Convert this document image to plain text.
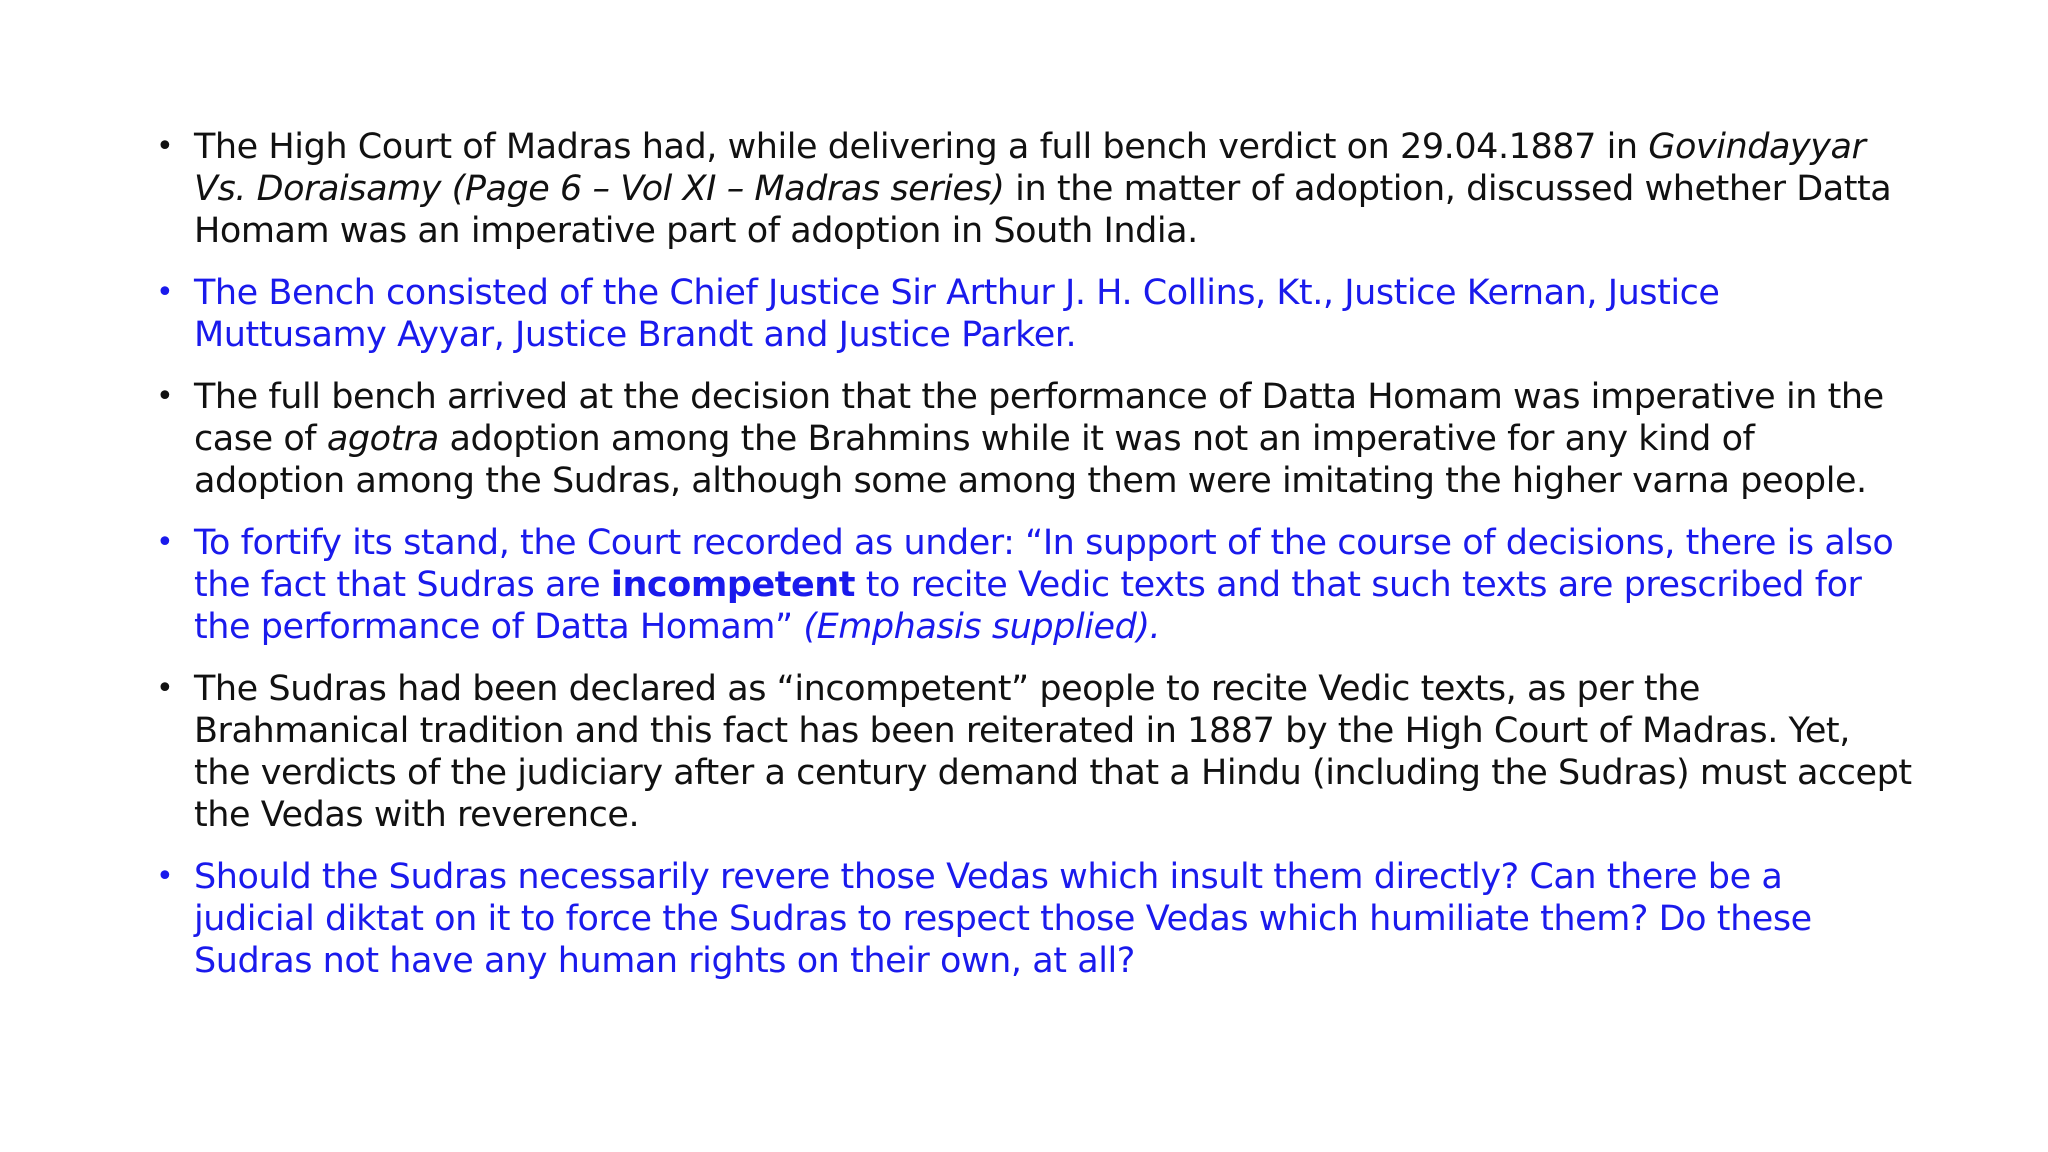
• The High Court of Madras had, while delivering a full bench verdict on 29.04.1887 in Govindayyar Vs. Doraisamy (Page 6 – Vol XI – Madras series) in the matter of adoption, discussed whether Datta Homam was an imperative part of adoption in South India.
• The Bench consisted of the Chief Justice Sir Arthur J. H. Collins, Kt., Justice Kernan, Justice Muttusamy Ayyar, Justice Brandt and Justice Parker.
• The full bench arrived at the decision that the performance of Datta Homam was imperative in the case of agotra adoption among the Brahmins while it was not an imperative for any kind of adoption among the Sudras, although some among them were imitating the higher varna people.
• To fortify its stand, the Court recorded as under: “In support of the course of decisions, there is also the fact that Sudras are incompetent to recite Vedic texts and that such texts are prescribed for the performance of Datta Homam” (Emphasis supplied).
• The Sudras had been declared as “incompetent” people to recite Vedic texts, as per the Brahmanical tradition and this fact has been reiterated in 1887 by the High Court of Madras. Yet, the verdicts of the judiciary after a century demand that a Hindu (including the Sudras) must accept the Vedas with reverence.
• Should the Sudras necessarily revere those Vedas which insult them directly? Can there be a judicial diktat on it to force the Sudras to respect those Vedas which humiliate them? Do these Sudras not have any human rights on their own, at all?
